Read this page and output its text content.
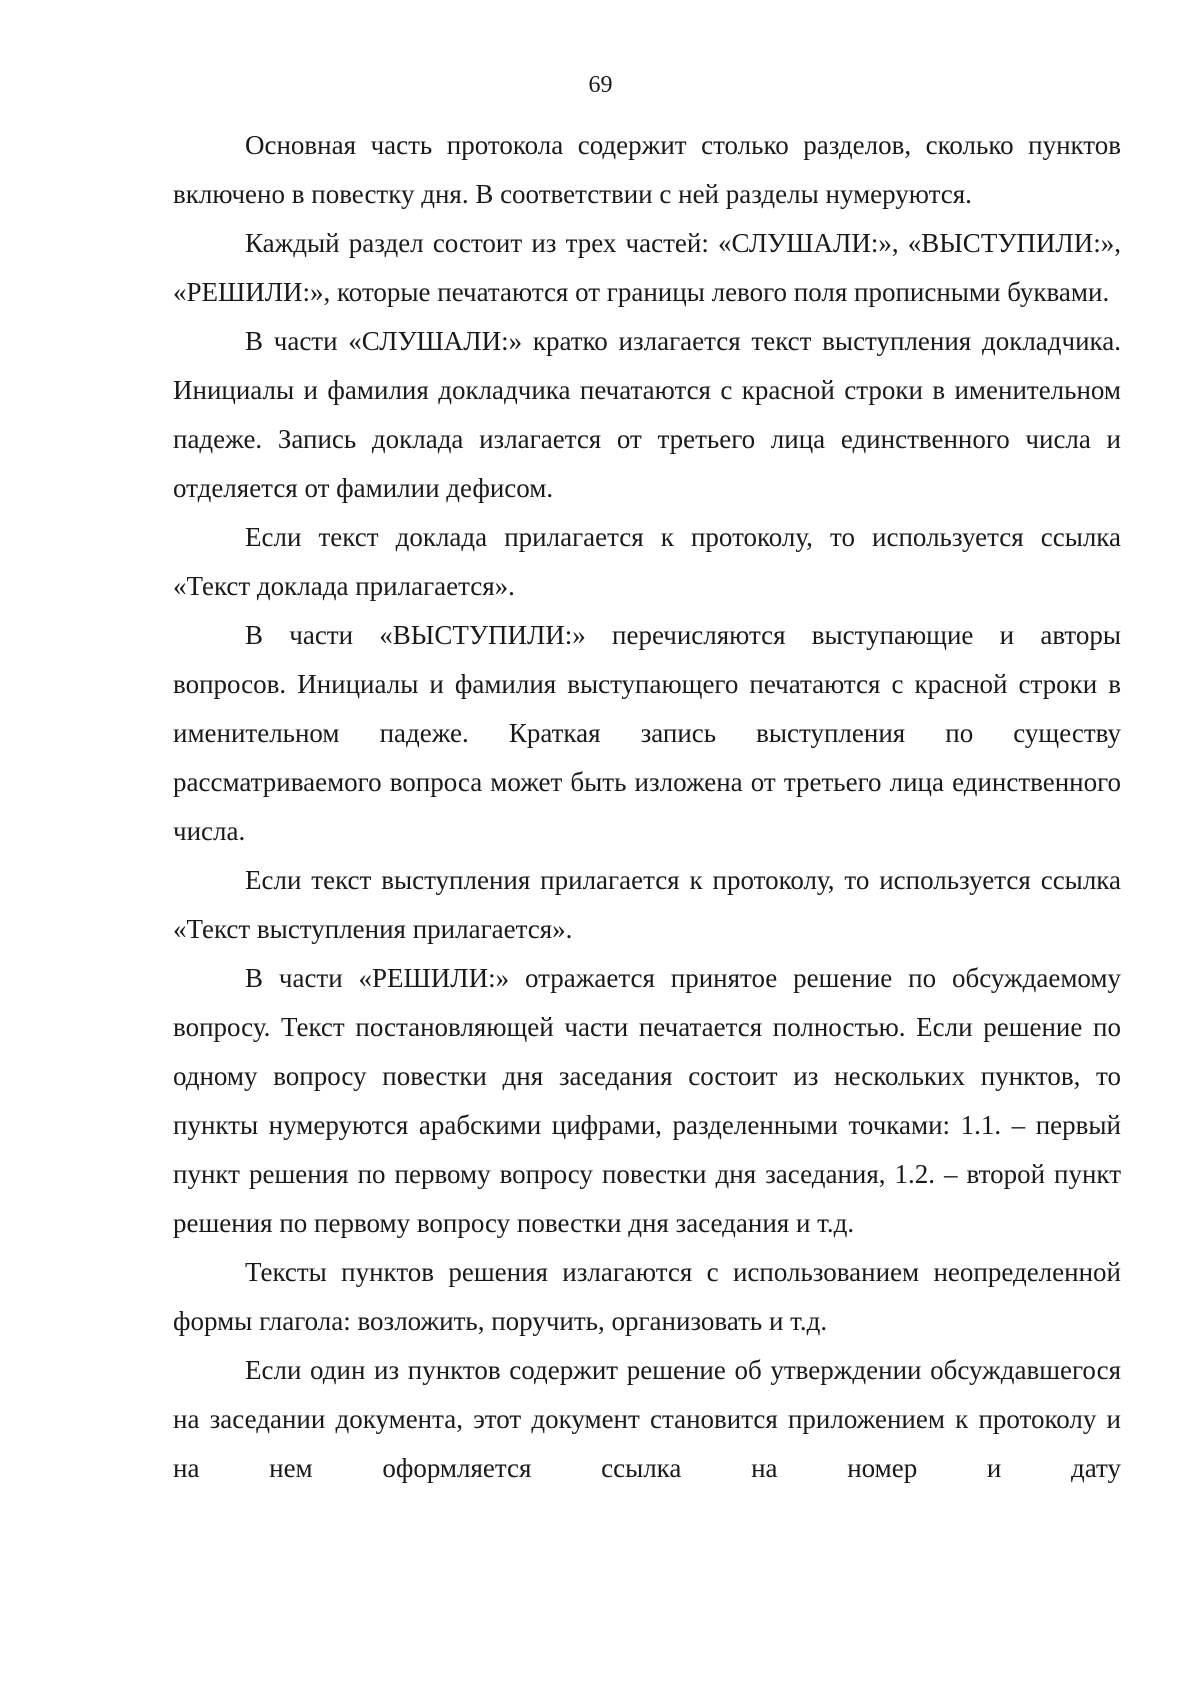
69

Основная часть протокола содержит столько разделов, сколько пунктов включено в повестку дня. В соответствии с ней разделы нумеруются.

Каждый раздел состоит из трех частей: «СЛУШАЛИ:», «ВЫСТУПИЛИ:», «РЕШИЛИ:», которые печатаются от границы левого поля прописными буквами.

В части «СЛУШАЛИ:» кратко излагается текст выступления докладчика. Инициалы и фамилия докладчика печатаются с красной строки в именительном падеже. Запись доклада излагается от третьего лица единственного числа и отделяется от фамилии дефисом.

Если текст доклада прилагается к протоколу, то используется ссылка «Текст доклада прилагается».

В части «ВЫСТУПИЛИ:» перечисляются выступающие и авторы вопросов. Инициалы и фамилия выступающего печатаются с красной строки в именительном падеже. Краткая запись выступления по существу рассматриваемого вопроса может быть изложена от третьего лица единственного числа.

Если текст выступления прилагается к протоколу, то используется ссылка «Текст выступления прилагается».

В части «РЕШИЛИ:» отражается принятое решение по обсуждаемому вопросу. Текст постановляющей части печатается полностью. Если решение по одному вопросу повестки дня заседания состоит из нескольких пунктов, то пункты нумеруются арабскими цифрами, разделенными точками: 1.1. – первый пункт решения по первому вопросу повестки дня заседания, 1.2. – второй пункт решения по первому вопросу повестки дня заседания и т.д.

Тексты пунктов решения излагаются с использованием неопределенной формы глагола: возложить, поручить, организовать и т.д.

Если один из пунктов содержит решение об утверждении обсуждавшегося на заседании документа, этот документ становится приложением к протоколу и на нем оформляется ссылка на номер и дату
